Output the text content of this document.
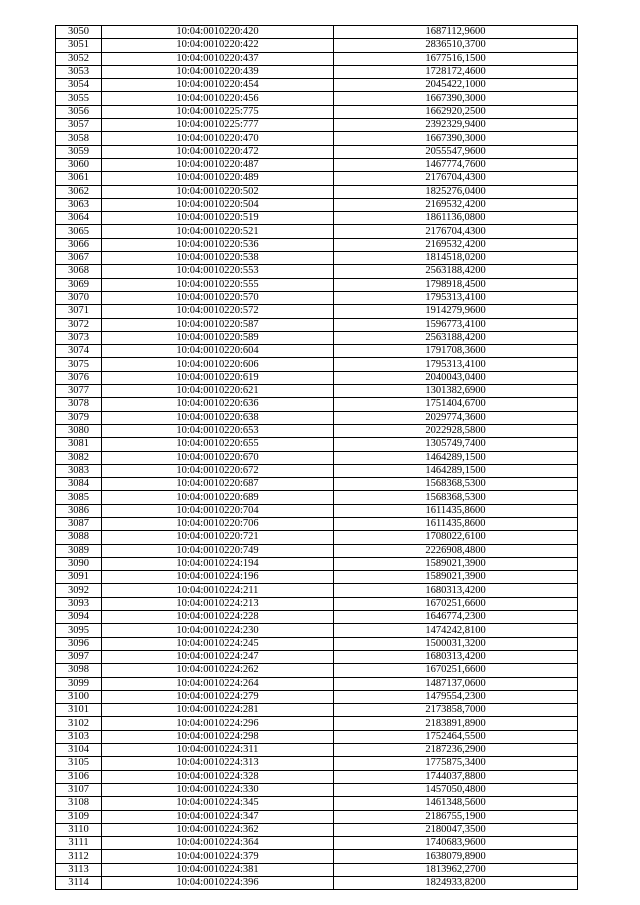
3050	10:04:0010220:420	1687112,9600
3051	10:04:0010220:422	2836510,3700
3052	10:04:0010220:437	1677516,1500
3053	10:04:0010220:439	1728172,4600
3054	10:04:0010220:454	2045422,1000
3055	10:04:0010220:456	1667390,3000
3056	10:04:0010225:775	1662920,2500
3057	10:04:0010225:777	2392329,9400
3058	10:04:0010220:470	1667390,3000
3059	10:04:0010220:472	2055547,9600
3060	10:04:0010220:487	1467774,7600
3061	10:04:0010220:489	2176704,4300
3062	10:04:0010220:502	1825276,0400
3063	10:04:0010220:504	2169532,4200
3064	10:04:0010220:519	1861136,0800
3065	10:04:0010220:521	2176704,4300
3066	10:04:0010220:536	2169532,4200
3067	10:04:0010220:538	1814518,0200
3068	10:04:0010220:553	2563188,4200
3069	10:04:0010220:555	1798918,4500
3070	10:04:0010220:570	1795313,4100
3071	10:04:0010220:572	1914279,9600
3072	10:04:0010220:587	1596773,4100
3073	10:04:0010220:589	2563188,4200
3074	10:04:0010220:604	1791708,3600
3075	10:04:0010220:606	1795313,4100
3076	10:04:0010220:619	2040043,0400
3077	10:04:0010220:621	1301382,6900
3078	10:04:0010220:636	1751404,6700
3079	10:04:0010220:638	2029774,3600
3080	10:04:0010220:653	2022928,5800
3081	10:04:0010220:655	1305749,7400
3082	10:04:0010220:670	1464289,1500
3083	10:04:0010220:672	1464289,1500
3084	10:04:0010220:687	1568368,5300
3085	10:04:0010220:689	1568368,5300
3086	10:04:0010220:704	1611435,8600
3087	10:04:0010220:706	1611435,8600
3088	10:04:0010220:721	1708022,6100
3089	10:04:0010220:749	2226908,4800
3090	10:04:0010224:194	1589021,3900
3091	10:04:0010224:196	1589021,3900
3092	10:04:0010224:211	1680313,4200
3093	10:04:0010224:213	1670251,6600
3094	10:04:0010224:228	1646774,2300
3095	10:04:0010224:230	1474242,8100
3096	10:04:0010224:245	1500031,3200
3097	10:04:0010224:247	1680313,4200
3098	10:04:0010224:262	1670251,6600
3099	10:04:0010224:264	1487137,0600
3100	10:04:0010224:279	1479554,2300
3101	10:04:0010224:281	2173858,7000
3102	10:04:0010224:296	2183891,8900
3103	10:04:0010224:298	1752464,5500
3104	10:04:0010224:311	2187236,2900
3105	10:04:0010224:313	1775875,3400
3106	10:04:0010224:328	1744037,8800
3107	10:04:0010224:330	1457050,4800
3108	10:04:0010224:345	1461348,5600
3109	10:04:0010224:347	2186755,1900
3110	10:04:0010224:362	2180047,3500
3111	10:04:0010224:364	1740683,9600
3112	10:04:0010224:379	1638079,8900
3113	10:04:0010224:381	1813962,2700
3114	10:04:0010224:396	1824933,8200
